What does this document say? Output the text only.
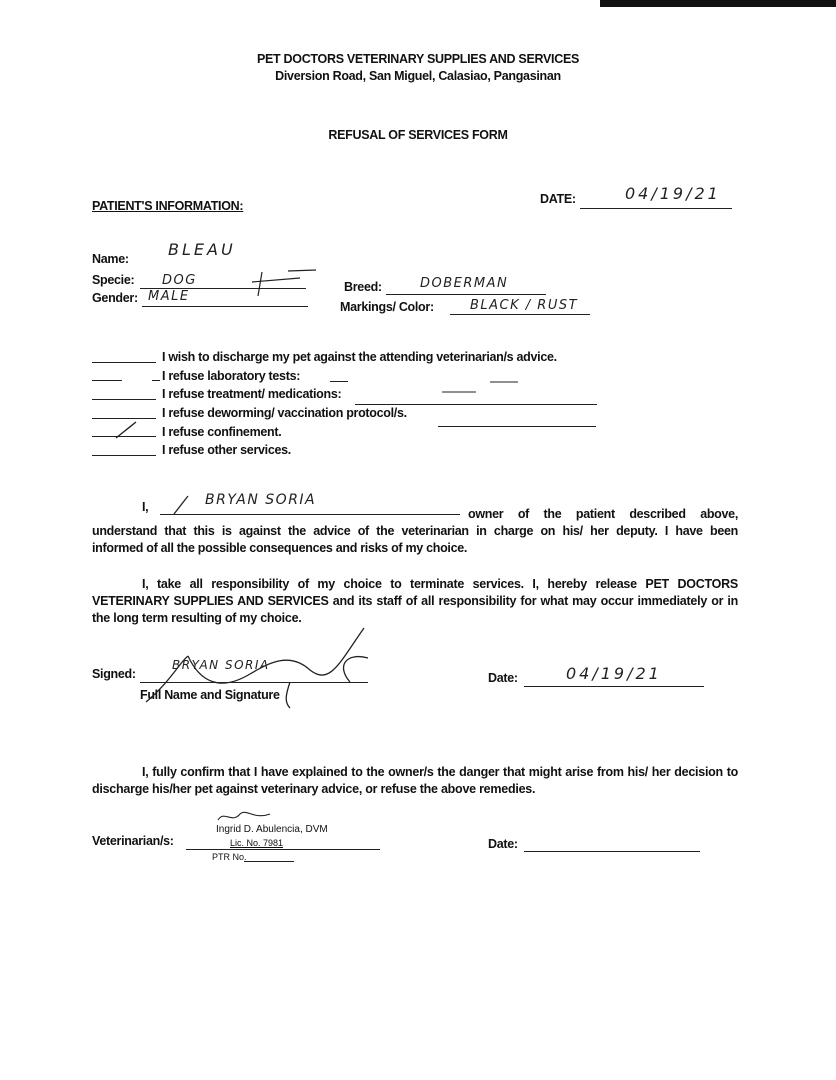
PET DOCTORS VETERINARY SUPPLIES AND SERVICES
Diversion Road, San Miguel, Calasiao, Pangasinan
REFUSAL OF SERVICES FORM
PATIENT'S INFORMATION:	DATE:	04/19/21
Name: BLEAU
Specie: DOG
Gender: MALE
Breed:	DOBERMAN
Markings/ Color:	BLACK / RUST
I wish to discharge my pet against the attending veterinarian/s advice.
I refuse laboratory tests:
I refuse treatment/ medications:
I refuse deworming/ vaccination protocol/s.
I refuse confinement.
I refuse other services.
I,	BRYAN SORIA
owner of the patient described above,
understand that this is against the advice of the veterinarian in charge on his/ her deputy. I have been
informed of all the possible consequences and risks of my choice.
I, take all responsibility of my choice to terminate services. I, hereby release PET DOCTORS VETERINARY SUPPLIES AND SERVICES and its staff of all responsibility for what may occur immediately or in the long term resulting of my choice.
Signed:
Full Name and Signature
BRYAN SORIA
Date:	04/19/21
I, fully confirm that I have explained to the owner/s the danger that might arise from his/ her decision to discharge his/her pet against veterinary advice, or refuse the above remedies.
Veterinarian/s:
Ingrid D. Abulencia, DVM
Lic. No. 7981
PTR No.
Date:
